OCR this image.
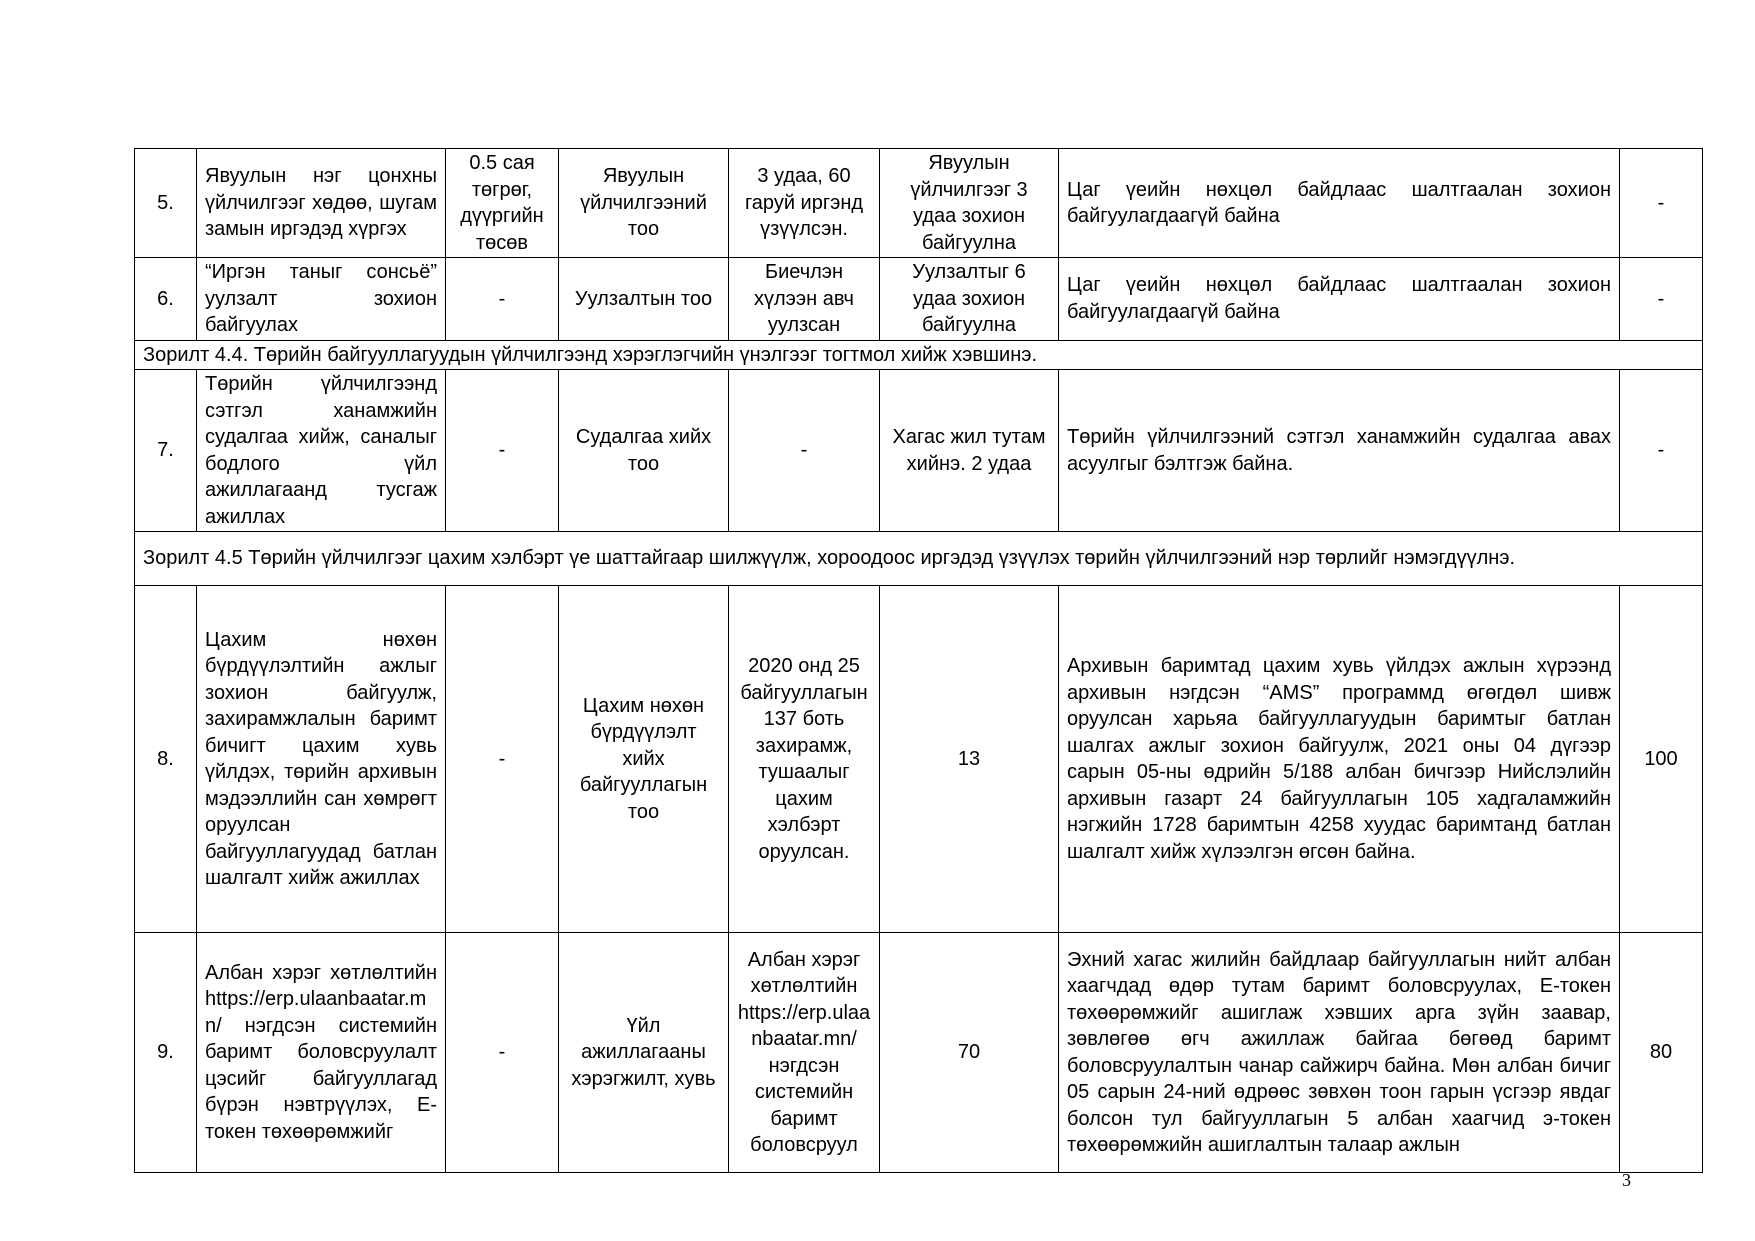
5.	Явуулын нэг цонхны үйлчилгээг хөдөө, шугам замын иргэдэд хүргэх	0.5 сая төгрөг, дүүргийн төсөв	Явуулын үйлчилгээний тоо	3 удаа, 60 гаруй иргэнд үзүүлсэн.	Явуулын үйлчилгээг 3 удаа зохион байгуулна	Цаг үеийн нөхцөл байдлаас шалтгаалан зохион байгуулагдаагүй байна	-
6.	“Иргэн таныг сонсьё” уулзалт зохион байгуулах	-	Уулзалтын тоо	Биечлэн хүлээн авч уулзсан	Уулзалтыг 6 удаа зохион байгуулна	Цаг үеийн нөхцөл байдлаас шалтгаалан зохион байгуулагдаагүй байна	-
Зорилт 4.4. Төрийн байгууллагуудын үйлчилгээнд хэрэглэгчийн үнэлгээг тогтмол хийж хэвшинэ.							
7.	Төрийн үйлчилгээнд сэтгэл ханамжийн судалгаа хийж, саналыг бодлого үйл ажиллагаанд тусгаж ажиллах	-	Судалгаа хийх тоо	-	Хагас жил тутам хийнэ. 2 удаа	Төрийн үйлчилгээний сэтгэл ханамжийн судалгаа авах асуулгыг бэлтгэж байна.	-
Зорилт 4.5 Төрийн үйлчилгээг цахим хэлбэрт үе шаттайгаар шилжүүлж, хороодоос иргэдэд үзүүлэх төрийн үйлчилгээний нэр төрлийг нэмэгдүүлнэ.							
8.	Цахим нөхөн бүрдүүлэлтийн ажлыг зохион байгуулж, захирамжлалын баримт бичигт цахим хувь үйлдэх, төрийн архивын мэдээллийн сан хөмрөгт оруулсан байгууллагуудад батлан шалгалт хийж ажиллах	-	Цахим нөхөн бүрдүүлэлт хийх байгууллагын тоо	2020 онд 25 байгууллагын 137 боть захирамж, тушаалыг цахим хэлбэрт оруулсан.	13	Архивын баримтад цахим хувь үйлдэх ажлын хүрээнд архивын нэгдсэн “AMS” программд өгөгдөл шивж оруулсан харьяа байгууллагуудын баримтыг батлан шалгах ажлыг зохион байгуулж, 2021 оны 04 дүгээр сарын 05-ны өдрийн 5/188 албан бичгээр Нийслэлийн архивын газарт 24 байгууллагын 105 хадгаламжийн нэгжийн 1728 баримтын 4258 хуудас баримтанд батлан шалгалт хийж хүлээлгэн өгсөн байна.	100
9.	Албан хэрэг хөтлөлтийн https://erp.ulaanbaatar.mn/ нэгдсэн системийн баримт боловсруулалт цэсийг байгууллагад бүрэн нэвтрүүлэх, Е-токен төхөөрөмжийг	-	Үйл ажиллагааны хэрэгжилт, хувь	Албан хэрэг хөтлөлтийн https://erp.ulaanbaatar.mn/ нэгдсэн системийн баримт боловсруул	70	Эхний хагас жилийн байдлаар байгууллагын нийт албан хаагчдад өдөр тутам баримт боловсруулах, Е-токен төхөөрөмжийг ашиглаж хэвших арга зүйн заавар, зөвлөгөө өгч ажиллаж байгаа бөгөөд баримт боловсруулалтын чанар сайжирч байна. Мөн албан бичиг 05 сарын 24-ний өдрөөс зөвхөн тоон гарын үсгээр явдаг болсон тул байгууллагын 5 албан хаагчид э-токен төхөөрөмжийн ашиглалтын талаар ажлын	80
3
